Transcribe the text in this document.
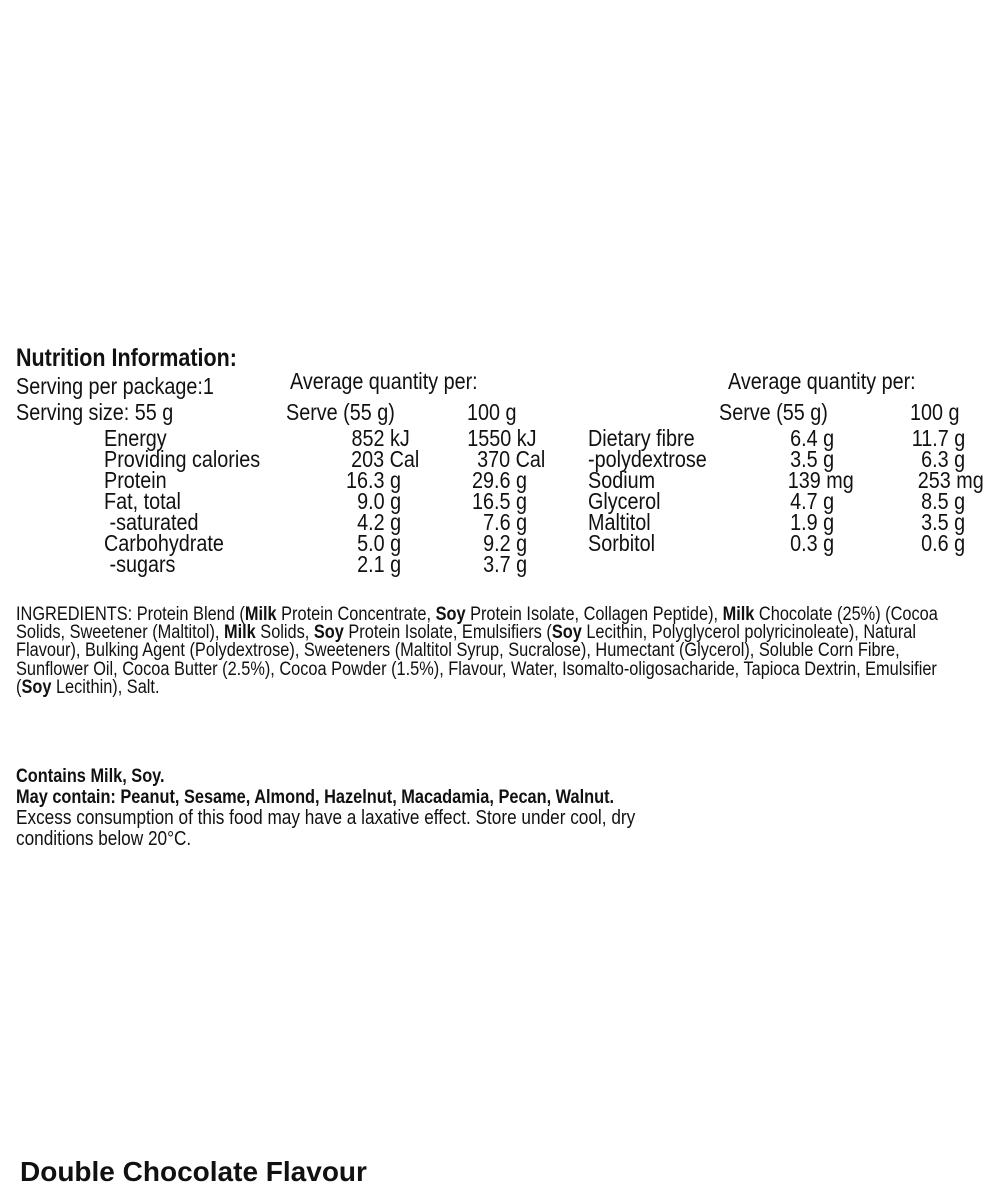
Nutrition Information:
Serving per package:1
Serving size: 55 g
Average quantity per:
Serve (55 g)	100 g
Average quantity per:
Serve (55 g)	100 g
Energy	852 kJ	1550 kJ
Providing calories	203 Cal	370 Cal
Protein	16.3 g	29.6 g
Fat, total	9.0 g	16.5 g
-saturated	4.2 g	7.6 g
Carbohydrate	5.0 g	9.2 g
-sugars	2.1 g	3.7 g
Dietary fibre	6.4 g	11.7 g
-polydextrose	3.5 g	6.3 g
Sodium	139 mg	253 mg
Glycerol	4.7 g	8.5 g
Maltitol	1.9 g	3.5 g
Sorbitol	0.3 g	0.6 g
INGREDIENTS: Protein Blend (Milk Protein Concentrate, Soy Protein Isolate, Collagen Peptide), Milk Chocolate (25%) (Cocoa Solids, Sweetener (Maltitol), Milk Solids, Soy Protein Isolate, Emulsifiers (Soy Lecithin, Polyglycerol polyricinoleate), Natural Flavour), Bulking Agent (Polydextrose), Sweeteners (Maltitol Syrup, Sucralose), Humectant (Glycerol), Soluble Corn Fibre, Sunflower Oil, Cocoa Butter (2.5%), Cocoa Powder (1.5%), Flavour, Water, Isomalto-oligosacharide, Tapioca Dextrin, Emulsifier (Soy Lecithin), Salt.
Contains Milk, Soy.
May contain: Peanut, Sesame, Almond, Hazelnut, Macadamia, Pecan, Walnut.
Excess consumption of this food may have a laxative effect. Store under cool, dry conditions below 20°C.
Double Chocolate Flavour
